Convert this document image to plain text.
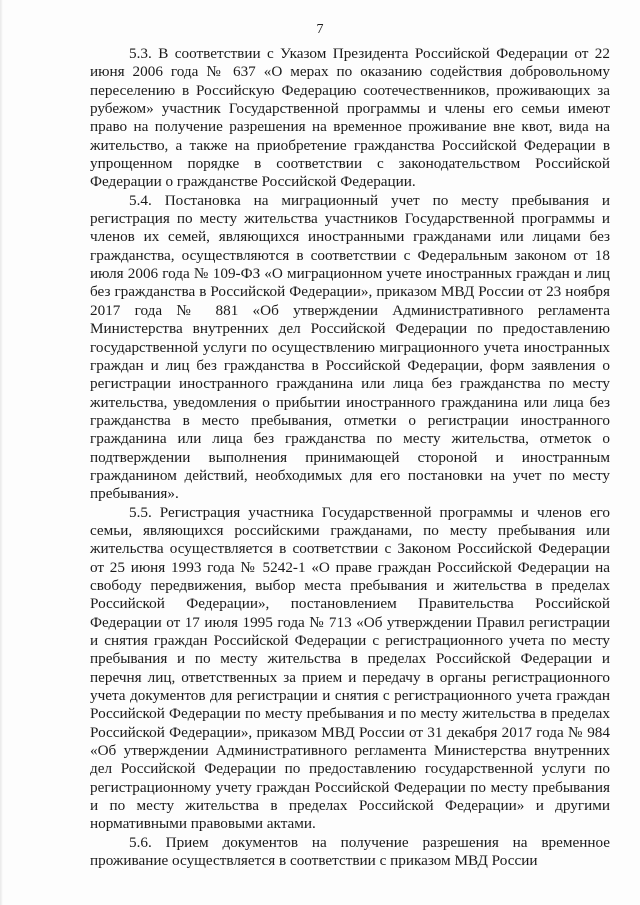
7

5.3. В соответствии с Указом Президента Российской Федерации от 22 июня 2006 года № 637 «О мерах по оказанию содействия добровольному переселению в Российскую Федерацию соотечественников, проживающих за рубежом» участник Государственной программы и члены его семьи имеют право на получение разрешения на временное проживание вне квот, вида на жительство, а также на приобретение гражданства Российской Федерации в упрощенном порядке в соответствии с законодательством Российской Федерации о гражданстве Российской Федерации.

5.4. Постановка на миграционный учет по месту пребывания и регистрация по месту жительства участников Государственной программы и членов их семей, являющихся иностранными гражданами или лицами без гражданства, осуществляются в соответствии с Федеральным законом от 18 июля 2006 года № 109-ФЗ «О миграционном учете иностранных граждан и лиц без гражданства в Российской Федерации», приказом МВД России от 23 ноября 2017 года № 881 «Об утверждении Административного регламента Министерства внутренних дел Российской Федерации по предоставлению государственной услуги по осуществлению миграционного учета иностранных граждан и лиц без гражданства в Российской Федерации, форм заявления о регистрации иностранного гражданина или лица без гражданства по месту жительства, уведомления о прибытии иностранного гражданина или лица без гражданства в место пребывания, отметки о регистрации иностранного гражданина или лица без гражданства по месту жительства, отметок о подтверждении выполнения принимающей стороной и иностранным гражданином действий, необходимых для его постановки на учет по месту пребывания».

5.5. Регистрация участника Государственной программы и членов его семьи, являющихся российскими гражданами, по месту пребывания или жительства осуществляется в соответствии с Законом Российской Федерации от 25 июня 1993 года № 5242-1 «О праве граждан Российской Федерации на свободу передвижения, выбор места пребывания и жительства в пределах Российской Федерации», постановлением Правительства Российской Федерации от 17 июля 1995 года № 713 «Об утверждении Правил регистрации и снятия граждан Российской Федерации с регистрационного учета по месту пребывания и по месту жительства в пределах Российской Федерации и перечня лиц, ответственных за прием и передачу в органы регистрационного учета документов для регистрации и снятия с регистрационного учета граждан Российской Федерации по месту пребывания и по месту жительства в пределах Российской Федерации», приказом МВД России от 31 декабря 2017 года № 984 «Об утверждении Административного регламента Министерства внутренних дел Российской Федерации по предоставлению государственной услуги по регистрационному учету граждан Российской Федерации по месту пребывания и по месту жительства в пределах Российской Федерации» и другими нормативными правовыми актами.

5.6. Прием документов на получение разрешения на временное проживание осуществляется в соответствии с приказом МВД России
